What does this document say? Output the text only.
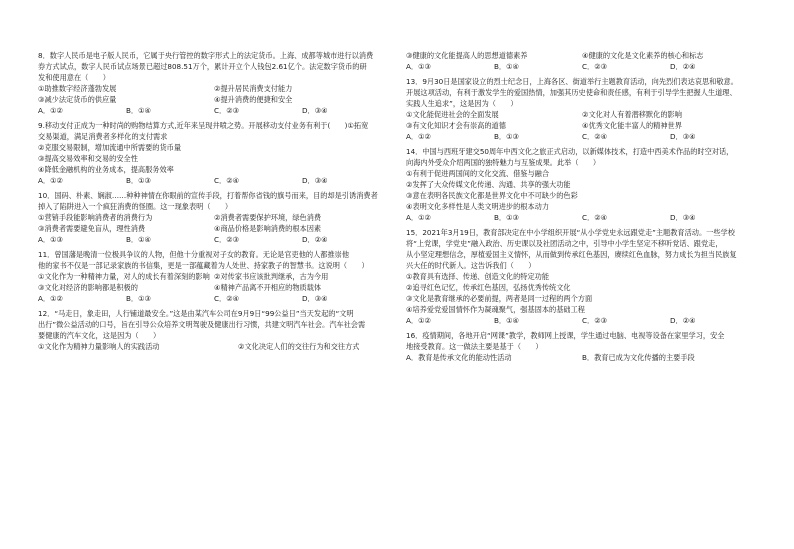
8．数字人民币是电子版人民币，它属于央行管控的数字形式上的法定货币。上海、成都等城市进行以消费
券方式试点，数字人民币试点场景已超过808.51万个，累计开立个人钱包2.61亿个。法定数字货币的研
发和使用意在（　　）
①助推数字经济蓬勃发展	②提升居民消费支付能力
③减少法定货币的供应量	④提升消费的便捷和安全
A．①②	B．①④	C．②③	D．③④
9.移动支付正成为一种时尚的购物结算方式,近年来呈现井喷之势。开展移动支付业务有利于(　　)①拓宽
交易渠道，满足消费者多样化的支付需求
②克服交易限制，增加流通中所需要的货币量
③提高交易效率和交易的安全性
④降低金融机构的业务成本，提高服务效率
A．①②	B．①③	C．②④	D．③④
10．国码、朴素、娴淑……种种神情在你眼前的宣传手段，打着帮你省钱的旗号而来，目的却是引诱消费者
掉入了陷阱进入一个疯狂消费的怪圈。这一现象表明（　　）
①营销手段能影响消费者的消费行为	②消费者需要保护环境，绿色消费
③消费者需要避免盲从，理性消费	④商品价格是影响消费的根本因素
A．①③	B．①④	C．②③	D．②④
11．曾国藩是晚清一位极具争议的人物，但他十分重视对子女的教育。无论是官吏他的人都推崇他
他的家书不仅是一部记录家族的书信集，更是一部蕴藏着为人处世、持家教子的智慧书。这说明（　　）
①文化作为一种精神力量，对人的成长有着深刻的影响 ②对传家书应该批判继承，古为今用
③文化对经济的影响都是积极的	④精神产品离不开相应的物质载体
A．①②	B．①③	C．②④	D．③④
12．“马走日，象走田，人行铺道最安全。”这是由某汽车公司在9月9日“99公益日”当天发起的“文明
出行”微公益活动的口号，旨在引导公众培养文明驾驶及健康出行习惯，共建文明汽车社会。汽车社会需
要健康的汽车文化，这是因为（　　）
①文化作为精神力量影响人的实践活动	②文化决定人们的交往行为和交往方式
③健康的文化能提高人的思想道德素养	④健康的文化是文化素养的核心和标志
A．①③	B．①④	C．②③	D．②④
13．9月30日是国家设立的烈士纪念日，上海各区、街道举行主题教育活动，向先烈们表达哀思和敬意。
开展这项活动，有利于激发学生的爱国热情，加强其历史使命和责任感，有利于引导学生把握人生道理、
实践人生追求”，这是因为（　　）
①文化能促进社会的全面发展	②文化对人有着潜移默化的影响
③有文化知识才会有崇高的道德	④优秀文化能丰富人的精神世界
A．①②	B．①③	C．②④	D．③④
14．中国与西班牙建交50周年中西文化之旅正式启动，以新媒体技术，打造中西美术作品的时空对话，
向海内外受众介绍两国的独特魅力与互鉴成果。此举（　　）
①有利于促进两国间的文化交流、借鉴与融合
②发挥了大众传媒文化传递、沟通、共享的强大功能
③意在表明各民族文化都是世界文化中不可缺少的色彩
④表明文化多样性是人类文明进步的根本动力
A．①②	B．①③	C．②④	D．③④
15．2021年3月19日，教育部决定在中小学组织开展“从小学党史永远跟党走”主题教育活动。一些学校
将“上党课，学党史”融入政治、历史课以及社团活动之中，引导中小学生坚定不移听党话、跟党走，
从小坚定理想信念，厚植爱国主义情怀，从而做到传承红色基因，赓续红色血脉，努力成长为担当民族复
兴大任的时代新人。这告诉我们（　　）
①教育具有选择、传递、创造文化的特定功能
②追寻红色记忆，传承红色基因，弘扬优秀传统文化
③文化是教育继承的必要前提，两者是同一过程的两个方面
④培养爱党爱国情怀作为凝魂聚气，强基固本的基础工程
A．①②	B．①④	C．②③	D．②④
16．疫情期间，各地开启“网课”教学，教师网上授课，学生通过电脑、电视等设备在家里学习，安全
地接受教育。这一做法主要是基于（　　）
A．教育是传承文化的能动性活动	B．教育已成为文化传播的主要手段
